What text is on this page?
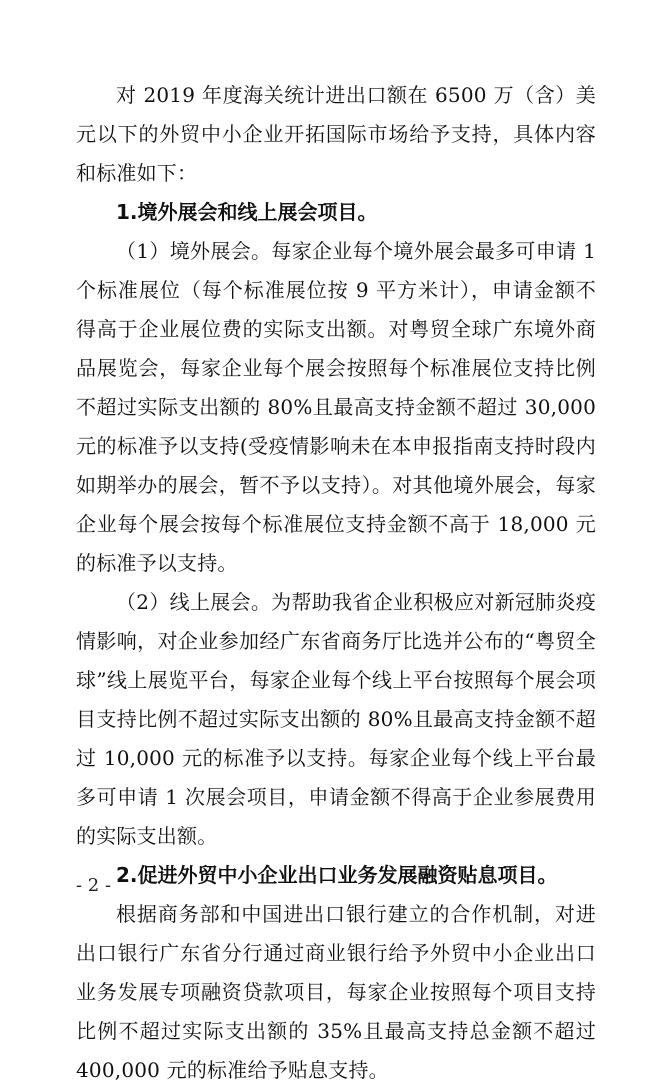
对 2019 年度海关统计进出口额在 6500 万（含）美元以下的外贸中小企业开拓国际市场给予支持，具体内容和标准如下：

1.境外展会和线上展会项目。

（1）境外展会。每家企业每个境外展会最多可申请 1 个标准展位（每个标准展位按 9 平方米计），申请金额不得高于企业展位费的实际支出额。对粤贸全球广东境外商品展览会，每家企业每个展会按照每个标准展位支持比例不超过实际支出额的 80%且最高支持金额不超过 30,000 元的标准予以支持(受疫情影响未在本申报指南支持时段内如期举办的展会，暂不予以支持）。对其他境外展会，每家企业每个展会按每个标准展位支持金额不高于 18,000 元的标准予以支持。

（2）线上展会。为帮助我省企业积极应对新冠肺炎疫情影响，对企业参加经广东省商务厅比选并公布的“粤贸全球”线上展览平台，每家企业每个线上平台按照每个展会项目支持比例不超过实际支出额的 80%且最高支持金额不超过 10,000 元的标准予以支持。每家企业每个线上平台最多可申请 1 次展会项目，申请金额不得高于企业参展费用的实际支出额。

2.促进外贸中小企业出口业务发展融资贴息项目。

根据商务部和中国进出口银行建立的合作机制，对进出口银行广东省分行通过商业银行给予外贸中小企业出口业务发展专项融资贷款项目，每家企业按照每个项目支持比例不超过实际支出额的 35%且最高支持总金额不超过 400,000 元的标准给予贴息支持。

- 2 -
